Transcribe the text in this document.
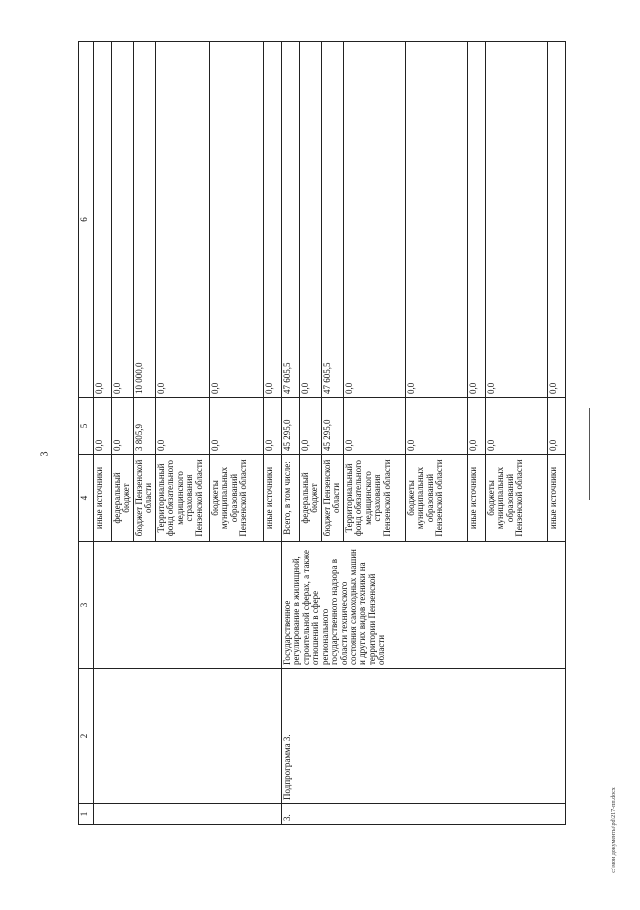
3
c:\мои документы\pd\217-пп.docx
1	2	3	4	5	6
			иные источники	0,0	0,0
			федеральный бюджет	0,0	0,0
			бюджет Пензенской области	3 805,9	10 000,0
			Территориальный фонд обязательного медицинского страхования Пензенской области	0,0	0,0
			бюджеты муниципальных образований Пензенской области	0,0	0,0
			иные источники	0,0	0,0
3.	Подпрограмма 3.	Государственное регулирование в жилищной, строительной сферах, а также отношений в сфере регионального государственного надзора в области технического состояния самоходных машин и других видов техники на территории Пензенской области	Всего, в том числе:	45 295,0	47 605,5
			федеральный бюджет	0,0	0,0
			бюджет Пензенской области	45 295,0	47 605,5
			Территориальный фонд обязательного медицинского страхования Пензенской области	0,0	0,0
			бюджеты муниципальных образований Пензенской области	0,0	0,0
			иные источники	0,0	0,0
			бюджеты муниципальных образований Пензенской области	0,0	0,0
			иные источники	0,0	0,0
